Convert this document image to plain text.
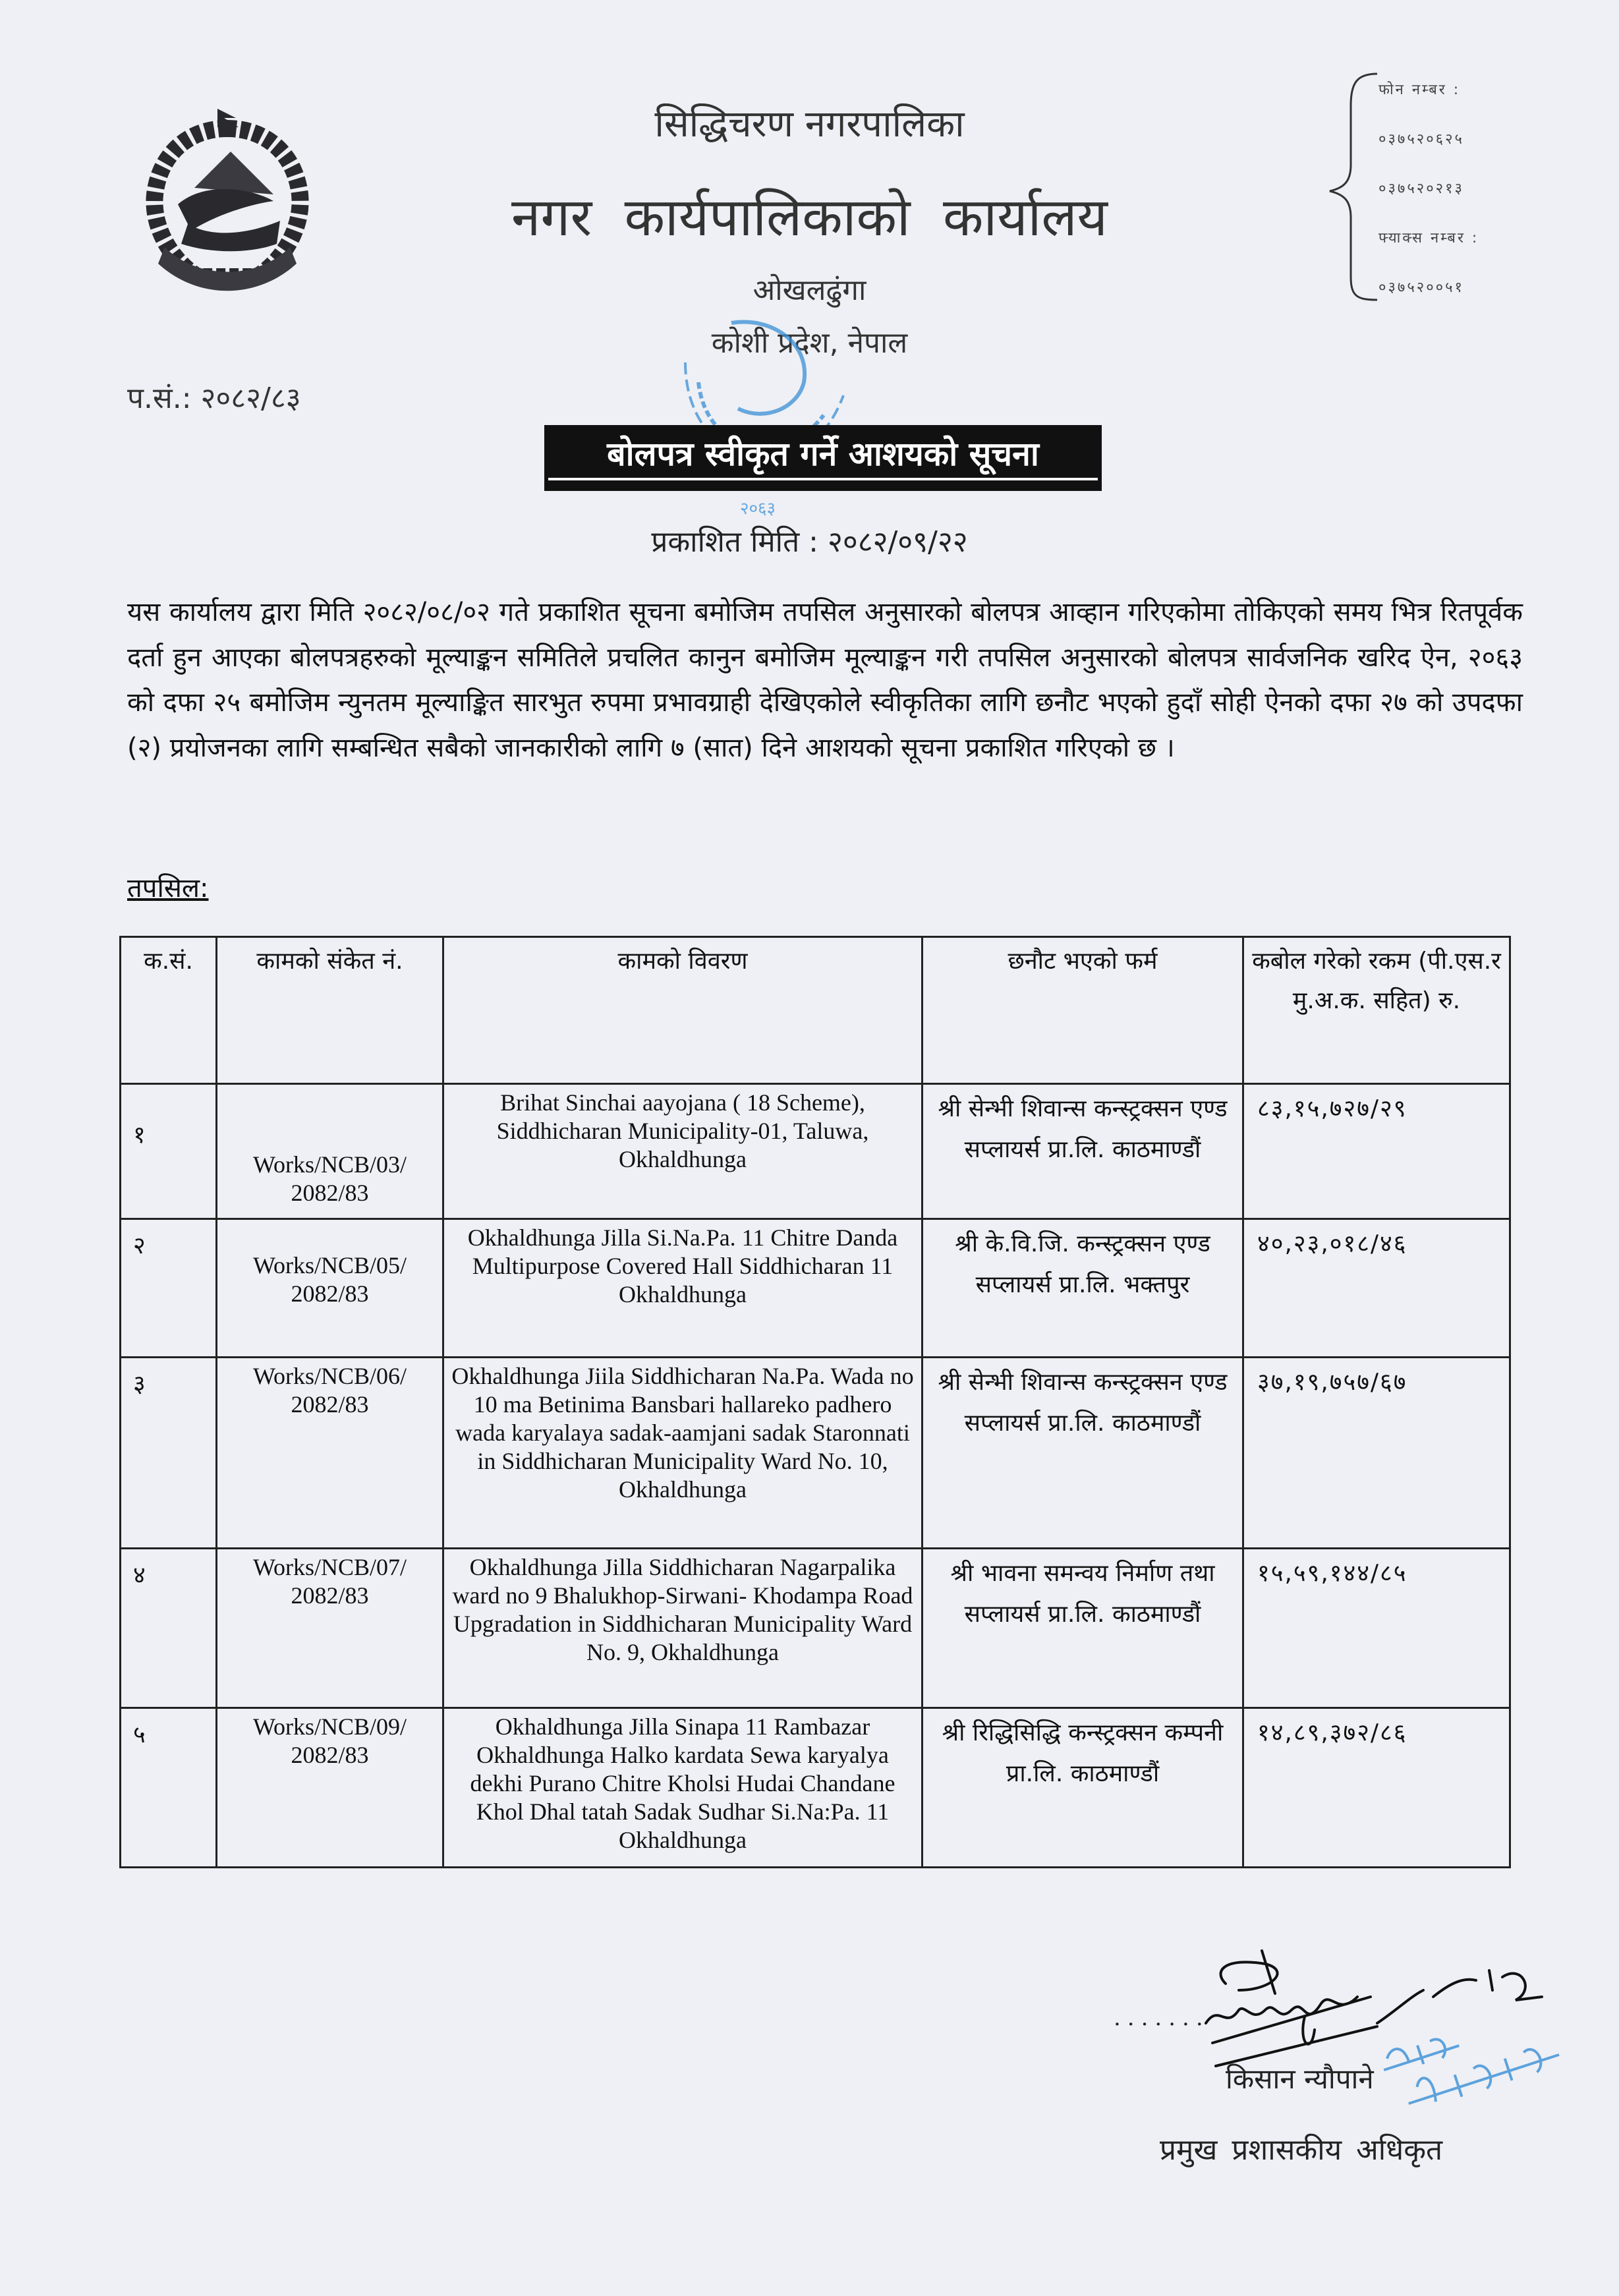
सिद्धिचरण नगरपालिका
नगर कार्यपालिकाको कार्यालय
ओखलढुंगा
कोशी प्रदेश, नेपाल
फोन नम्बर :
०३७५२०६२५
०३७५२०२१३
फ्याक्स नम्बर :
०३७५२००५१
२०६३
प.सं.: २०८२/८३
बोलपत्र स्वीकृत गर्ने आशयको सूचना
प्रकाशित मिति : २०८२/०९/२२
यस कार्यालय द्वारा मिति २०८२/०८/०२ गते प्रकाशित सूचना बमोजिम तपसिल अनुसारको बोलपत्र आव्हान गरिएकोमा तोकिएको समय भित्र रितपूर्वक दर्ता हुन आएका बोलपत्रहरुको मूल्याङ्कन समितिले प्रचलित कानुन बमोजिम मूल्याङ्कन गरी तपसिल अनुसारको बोलपत्र सार्वजनिक खरिद ऐन, २०६३ को दफा २५ बमोजिम न्युनतम मूल्याङ्कित सारभुत रुपमा प्रभावग्राही देखिएकोले स्वीकृतिका लागि छनौट भएको हुदाँ सोही ऐनको दफा २७ को उपदफा (२) प्रयोजनका लागि सम्बन्धित सबैको जानकारीको लागि ७ (सात) दिने आशयको सूचना प्रकाशित गरिएको छ ।
तपसिल:
क.सं.	कामको संकेत नं.	कामको विवरण	छनौट भएको फर्म	कबोल गरेको रकम (पी.एस.र मु.अ.क. सहित) रु.
१	Works/NCB/03/ 2082/83	Brihat Sinchai aayojana ( 18 Scheme), Siddhicharan Municipality-01, Taluwa, Okhaldhunga	श्री सेन्भी शिवान्स कन्स्ट्रक्सन एण्ड सप्लायर्स प्रा.लि. काठमाण्डौं	८३,१५,७२७/२९
२	Works/NCB/05/ 2082/83	Okhaldhunga Jilla Si.Na.Pa. 11 Chitre Danda Multipurpose Covered Hall Siddhicharan 11 Okhaldhunga	श्री के.वि.जि. कन्स्ट्रक्सन एण्ड सप्लायर्स प्रा.लि. भक्तपुर	४०,२३,०१८/४६
३	Works/NCB/06/ 2082/83	Okhaldhunga Jiila Siddhicharan Na.Pa. Wada no 10 ma Betinima Bansbari hallareko padhero wada karyalaya sadak-aamjani sadak Staronnati in Siddhicharan Municipality Ward No. 10, Okhaldhunga	श्री सेन्भी शिवान्स कन्स्ट्रक्सन एण्ड सप्लायर्स प्रा.लि. काठमाण्डौं	३७,१९,७५७/६७
४	Works/NCB/07/ 2082/83	Okhaldhunga Jilla Siddhicharan Nagarpalika ward no 9 Bhalukhop-Sirwani- Khodampa Road Upgradation in Siddhicharan Municipality Ward No. 9, Okhaldhunga	श्री भावना समन्वय निर्माण तथा सप्लायर्स प्रा.लि. काठमाण्डौं	१५,५९,१४४/८५
५	Works/NCB/09/ 2082/83	Okhaldhunga Jilla Sinapa 11 Rambazar Okhaldhunga Halko kardata Sewa karyalya dekhi Purano Chitre Kholsi Hudai Chandane Khol Dhal tatah Sadak Sudhar Si.Na:Pa. 11 Okhaldhunga	श्री रिद्धिसिद्धि कन्स्ट्रक्सन कम्पनी प्रा.लि. काठमाण्डौं	१४,८९,३७२/८६
.......
किसान न्यौपाने
प्रमुख प्रशासकीय अधिकृत
